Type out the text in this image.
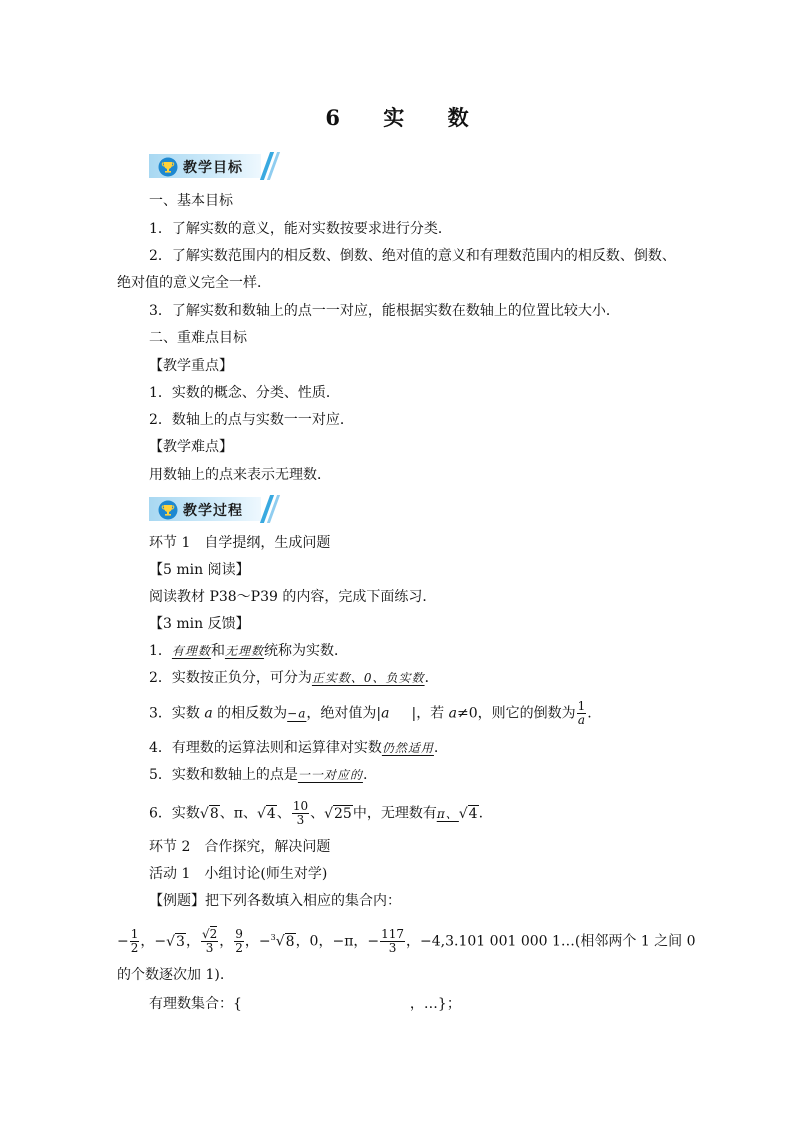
6 实 数
教学目标
一、基本目标
1．了解实数的意义，能对实数按要求进行分类．
2．了解实数范围内的相反数、倒数、绝对值的意义和有理数范围内的相反数、倒数、
绝对值的意义完全一样．
3．了解实数和数轴上的点一一对应，能根据实数在数轴上的位置比较大小．
二、重难点目标
【教学重点】
1．实数的概念、分类、性质．
2．数轴上的点与实数一一对应．
【教学难点】
用数轴上的点来表示无理数．
教学过程
环节 1　自学提纲，生成问题
【5 min 阅读】
阅读教材 P38～P39 的内容，完成下面练习．
【3 min 反馈】
1．有理数和无理数统称为实数．
2．实数按正负分，可分为正实数、0、负实数．
3．实数 a 的相反数为−a，绝对值为|a |，若 a≠0，则它的倒数为 $\frac{1}{a}$ .
4．有理数的运算法则和运算律对实数仍然适用.
5．实数和数轴上的点是一一对应的.
6．实数√8、π、√4、 $\frac{10}{3}$ 、√25中，无理数有π、√4.
环节 2　合作探究，解决问题
活动 1　小组讨论(师生对学)
【例题】把下列各数填入相应的集合内：
− $\frac{1}{2}$ ，−√3， $\frac{√2}{3}$ ， $\frac{9}{2}$ ，−$^3$√8，0，−π，− $\frac{117}{3}$ ，−4,3.101 001 000 1…(相邻两个 1 之间 0
的个数逐次加 1).
有理数集合：{	，…}；
